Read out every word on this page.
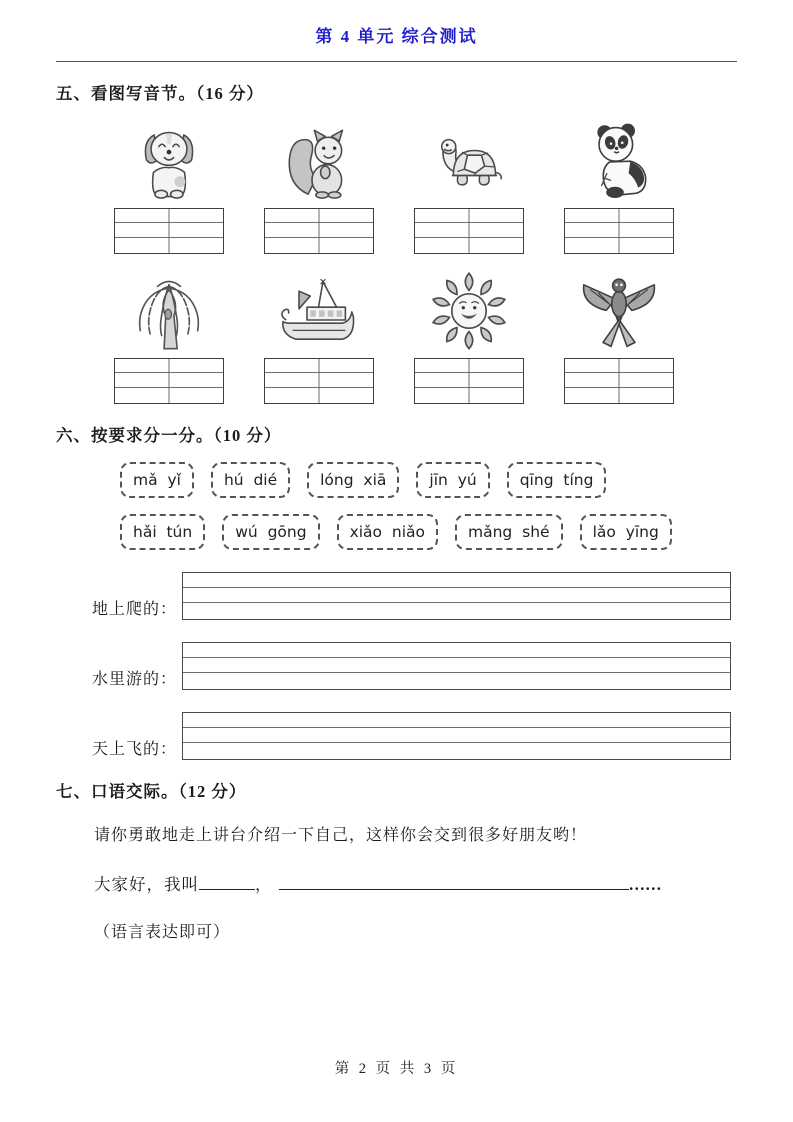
第 4 单元 综合测试
五、看图写音节。（16 分）
六、按要求分一分。（10 分）
mǎ  yǐ	hú  dié	lóng  xiā	jīn  yú	qīng  tíng
hǎi  tún	wú  gōng	xiǎo  niǎo	mǎng  shé	lǎo  yīng
地上爬的：
水里游的：
天上飞的：
七、口语交际。（12 分）
请你勇敢地走上讲台介绍一下自己，这样你会交到很多好朋友哟！
大家好，我叫	，	……
（语言表达即可）
第 2 页 共 3 页
